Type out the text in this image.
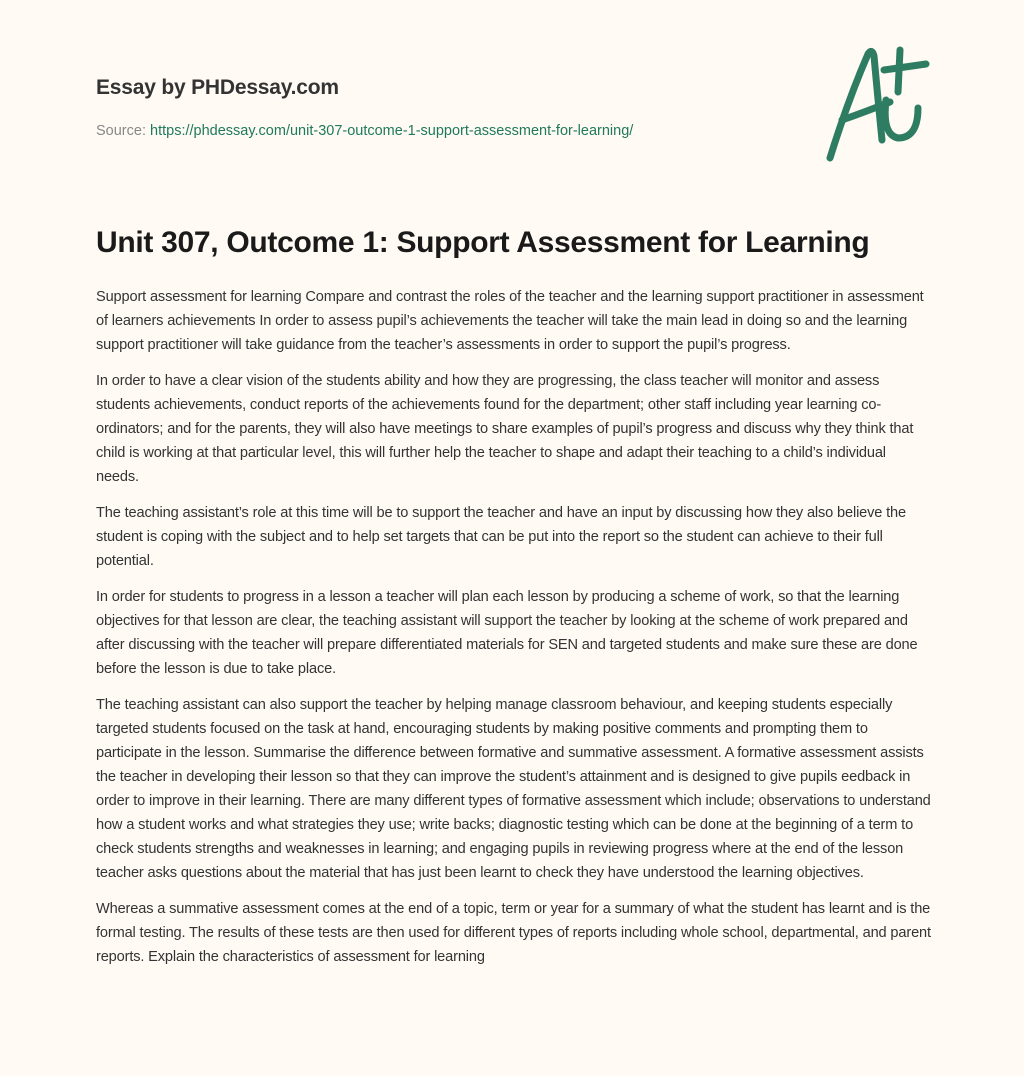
Essay by PHDessay.com
Source: https://phdessay.com/unit-307-outcome-1-support-assessment-for-learning/
Unit 307, Outcome 1: Support Assessment for Learning

Support assessment for learning Compare and contrast the roles of the teacher and the learning support practitioner in assessment of learners achievements In order to assess pupil’s achievements the teacher will take the main lead in doing so and the learning support practitioner will take guidance from the teacher’s assessments in order to support the pupil’s progress.

In order to have a clear vision of the students ability and how they are progressing, the class teacher will monitor and assess students achievements, conduct reports of the achievements found for the department; other staff including year learning co-ordinators; and for the parents, they will also have meetings to share examples of pupil’s progress and discuss why they think that child is working at that particular level, this will further help the teacher to shape and adapt their teaching to a child’s individual needs.

The teaching assistant’s role at this time will be to support the teacher and have an input by discussing how they also believe the student is coping with the subject and to help set targets that can be put into the report so the student can achieve to their full potential.

In order for students to progress in a lesson a teacher will plan each lesson by producing a scheme of work, so that the learning objectives for that lesson are clear, the teaching assistant will support the teacher by looking at the scheme of work prepared and after discussing with the teacher will prepare differentiated materials for SEN and targeted students and make sure these are done before the lesson is due to take place.

The teaching assistant can also support the teacher by helping manage classroom behaviour, and keeping students especially targeted students focused on the task at hand, encouraging students by making positive comments and prompting them to participate in the lesson. Summarise the difference between formative and summative assessment. A formative assessment assists the teacher in developing their lesson so that they can improve the student’s attainment and is designed to give pupils eedback in order to improve in their learning. There are many different types of formative assessment which include; observations to understand how a student works and what strategies they use; write backs; diagnostic testing which can be done at the beginning of a term to check students strengths and weaknesses in learning; and engaging pupils in reviewing progress where at the end of the lesson teacher asks questions about the material that has just been learnt to check they have understood the learning objectives.

Whereas a summative assessment comes at the end of a topic, term or year for a summary of what the student has learnt and is the formal testing. The results of these tests are then used for different types of reports including whole school, departmental, and parent reports. Explain the characteristics of assessment for learning
